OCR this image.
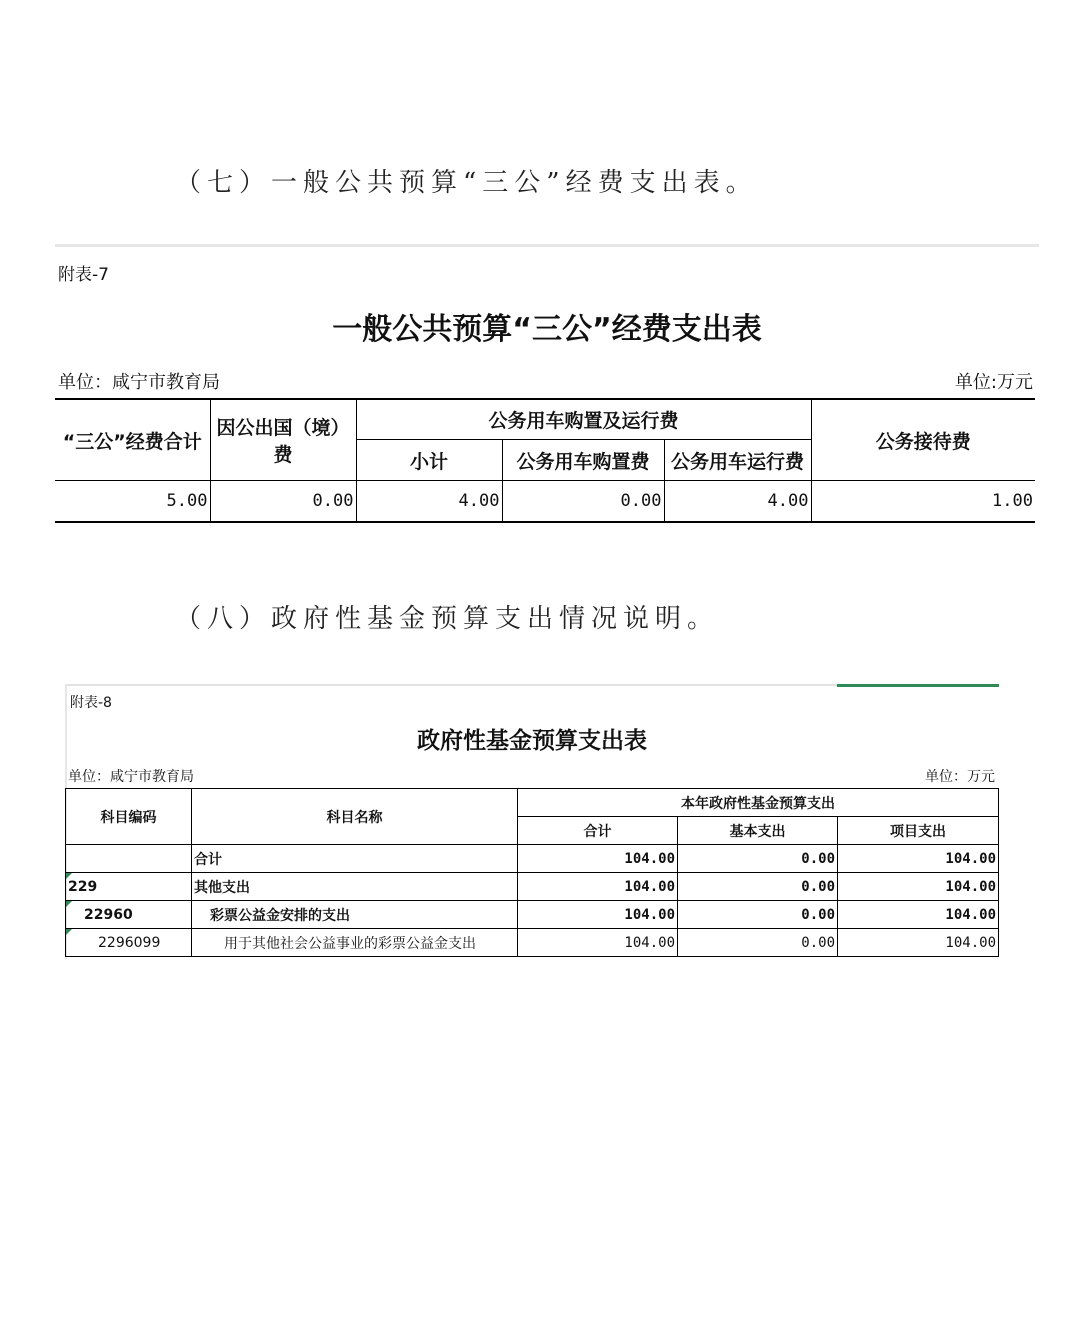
（七）一般公共预算“三公”经费支出表。
附表-7
一般公共预算“三公”经费支出表
单位：咸宁市教育局	单位:万元
“三公”经费合计	因公出国（境）费	公务用车购置及运行费			公务接待费
		小计	公务用车购置费	公务用车运行费	
5.00	0.00	4.00	0.00	4.00	1.00
（八）政府性基金预算支出情况说明。
附表-8
政府性基金预算支出表
单位：咸宁市教育局	单位：万元
科目编码	科目名称	本年政府性基金预算支出		
		合计	基本支出	项目支出
	合计	104.00	0.00	104.00

229	其他支出	104.00	0.00	104.00

22960	彩票公益金安排的支出	104.00	0.00	104.00

2296099	用于其他社会公益事业的彩票公益金支出	104.00	0.00	104.00
